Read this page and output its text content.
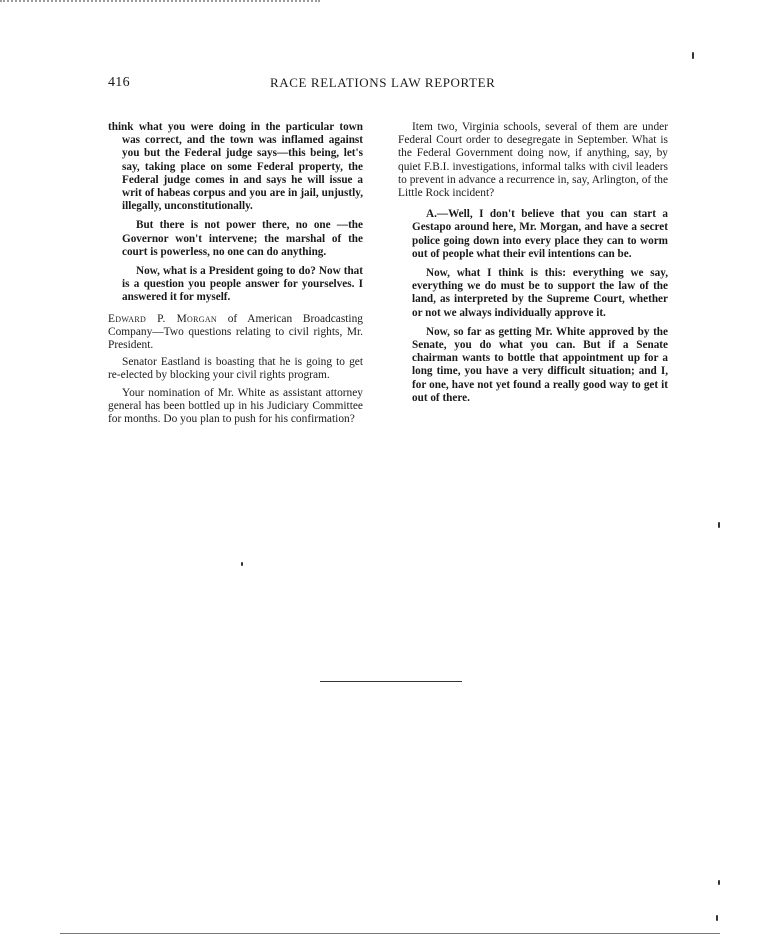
416	RACE RELATIONS LAW REPORTER

think what you were doing in the particular town was correct, and the town was inflamed against you but the Federal judge says—this being, let's say, taking place on some Federal property, the Federal judge comes in and says he will issue a writ of habeas corpus and you are in jail, unjustly, illegally, unconstitutionally.

But there is not power there, no one —the Governor won't intervene; the marshal of the court is powerless, no one can do anything.

Now, what is a President going to do? Now that is a question you people answer for yourselves. I answered it for myself.

Edward P. Morgan of American Broadcasting Company—Two questions relating to civil rights, Mr. President.

Senator Eastland is boasting that he is going to get re-elected by blocking your civil rights program.

Your nomination of Mr. White as assistant attorney general has been bottled up in his Judiciary Committee for months. Do you plan to push for his confirmation?

Item two, Virginia schools, several of them are under Federal Court order to desegregate in September. What is the Federal Government doing now, if anything, say, by quiet F.B.I. investigations, informal talks with civil leaders to prevent in advance a recurrence in, say, Arlington, of the Little Rock incident?

A.—Well, I don't believe that you can start a Gestapo around here, Mr. Morgan, and have a secret police going down into every place they can to worm out of people what their evil intentions can be.

Now, what I think is this: everything we say, everything we do must be to support the law of the land, as interpreted by the Supreme Court, whether or not we always individually approve it.

Now, so far as getting Mr. White approved by the Senate, you do what you can. But if a Senate chairman wants to bottle that appointment up for a long time, you have a very difficult situation; and I, for one, have not yet found a really good way to get it out of there.
